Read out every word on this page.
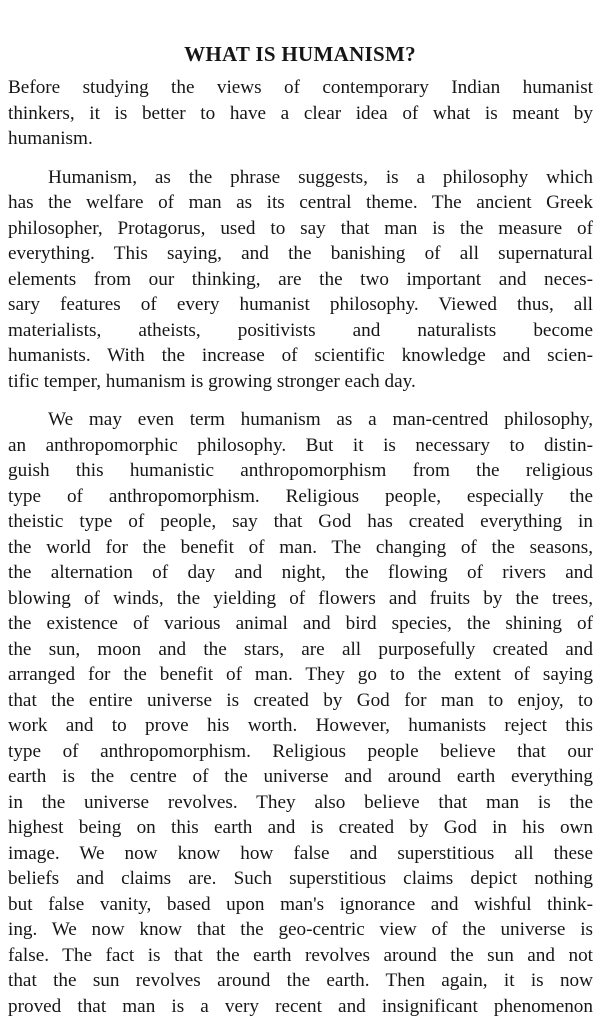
WHAT IS HUMANISM?
Before studying the views of contemporary Indian humanist
thinkers, it is better to have a clear idea of what is meant by
humanism.
Humanism, as the phrase suggests, is a philosophy which
has the welfare of man as its central theme. The ancient Greek
philosopher, Protagorus, used to say that man is the measure of
everything. This saying, and the banishing of all supernatural
elements from our thinking, are the two important and neces-
sary features of every humanist philosophy. Viewed thus, all
materialists, atheists, positivists and naturalists become
humanists. With the increase of scientific knowledge and scien-
tific temper, humanism is growing stronger each day.
We may even term humanism as a man-centred philosophy,
an anthropomorphic philosophy. But it is necessary to distin-
guish this humanistic anthropomorphism from the religious
type of anthropomorphism. Religious people, especially the
theistic type of people, say that God has created everything in
the world for the benefit of man. The changing of the seasons,
the alternation of day and night, the flowing of rivers and
blowing of winds, the yielding of flowers and fruits by the trees,
the existence of various animal and bird species, the shining of
the sun, moon and the stars, are all purposefully created and
arranged for the benefit of man. They go to the extent of saying
that the entire universe is created by God for man to enjoy, to
work and to prove his worth. However, humanists reject this
type of anthropomorphism. Religious people believe that our
earth is the centre of the universe and around earth everything
in the universe revolves. They also believe that man is the
highest being on this earth and is created by God in his own
image. We now know how false and superstitious all these
beliefs and claims are. Such superstitious claims depict nothing
but false vanity, based upon man's ignorance and wishful think-
ing. We now know that the geo-centric view of the universe is
false. The fact is that the earth revolves around the sun and not
that the sun revolves around the earth. Then again, it is now
proved that man is a very recent and insignificant phenomenon
